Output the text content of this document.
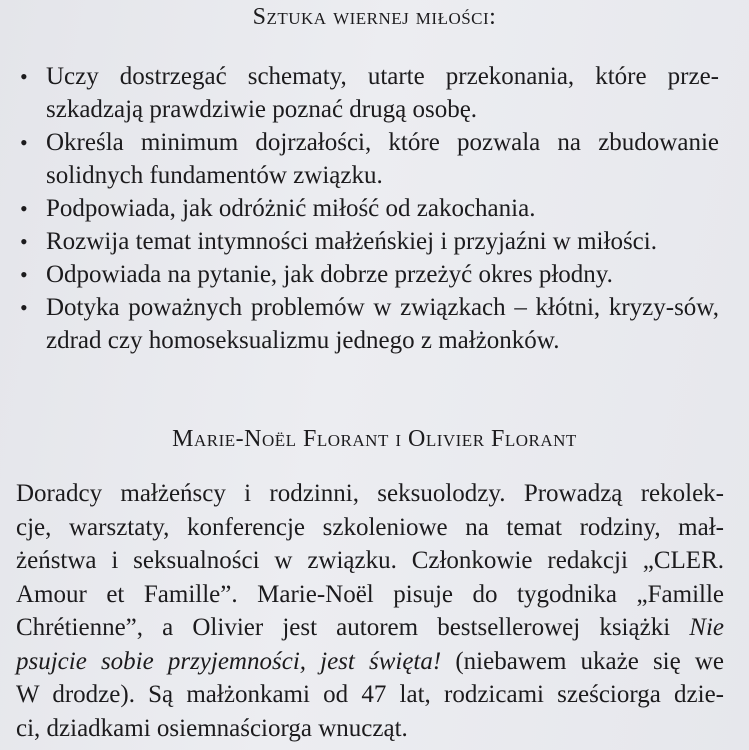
Sztuka wiernej miłości:
• Uczy dostrzegać schematy, utarte przekonania, które prze-szkadzają prawdziwie poznać drugą osobę.
• Określa minimum dojrzałości, które pozwala na zbudowanie solidnych fundamentów związku.
• Podpowiada, jak odróżnić miłość od zakochania.
• Rozwija temat intymności małżeńskiej i przyjaźni w miłości.
• Odpowiada na pytanie, jak dobrze przeżyć okres płodny.
• Dotyka poważnych problemów w związkach – kłótni, kryzy-sów, zdrad czy homoseksualizmu jednego z małżonków.
Marie-Noël Florant i Olivier Florant

Doradcy małżeńscy i rodzinni, seksuolodzy. Prowadzą rekolek-
cje, warsztaty, konferencje szkoleniowe na temat rodziny, mał-
żeństwa i seksualności w związku. Członkowie redakcji „CLER.
Amour et Famille”. Marie-Noël pisuje do tygodnika „Famille
Chrétienne”, a Olivier jest autorem bestsellerowej książki Nie
psujcie sobie przyjemności, jest święta! (niebawem ukaże się we
W drodze). Są małżonkami od 47 lat, rodzicami sześciorga dzie-
ci, dziadkami osiemnaściorga wnucząt.
